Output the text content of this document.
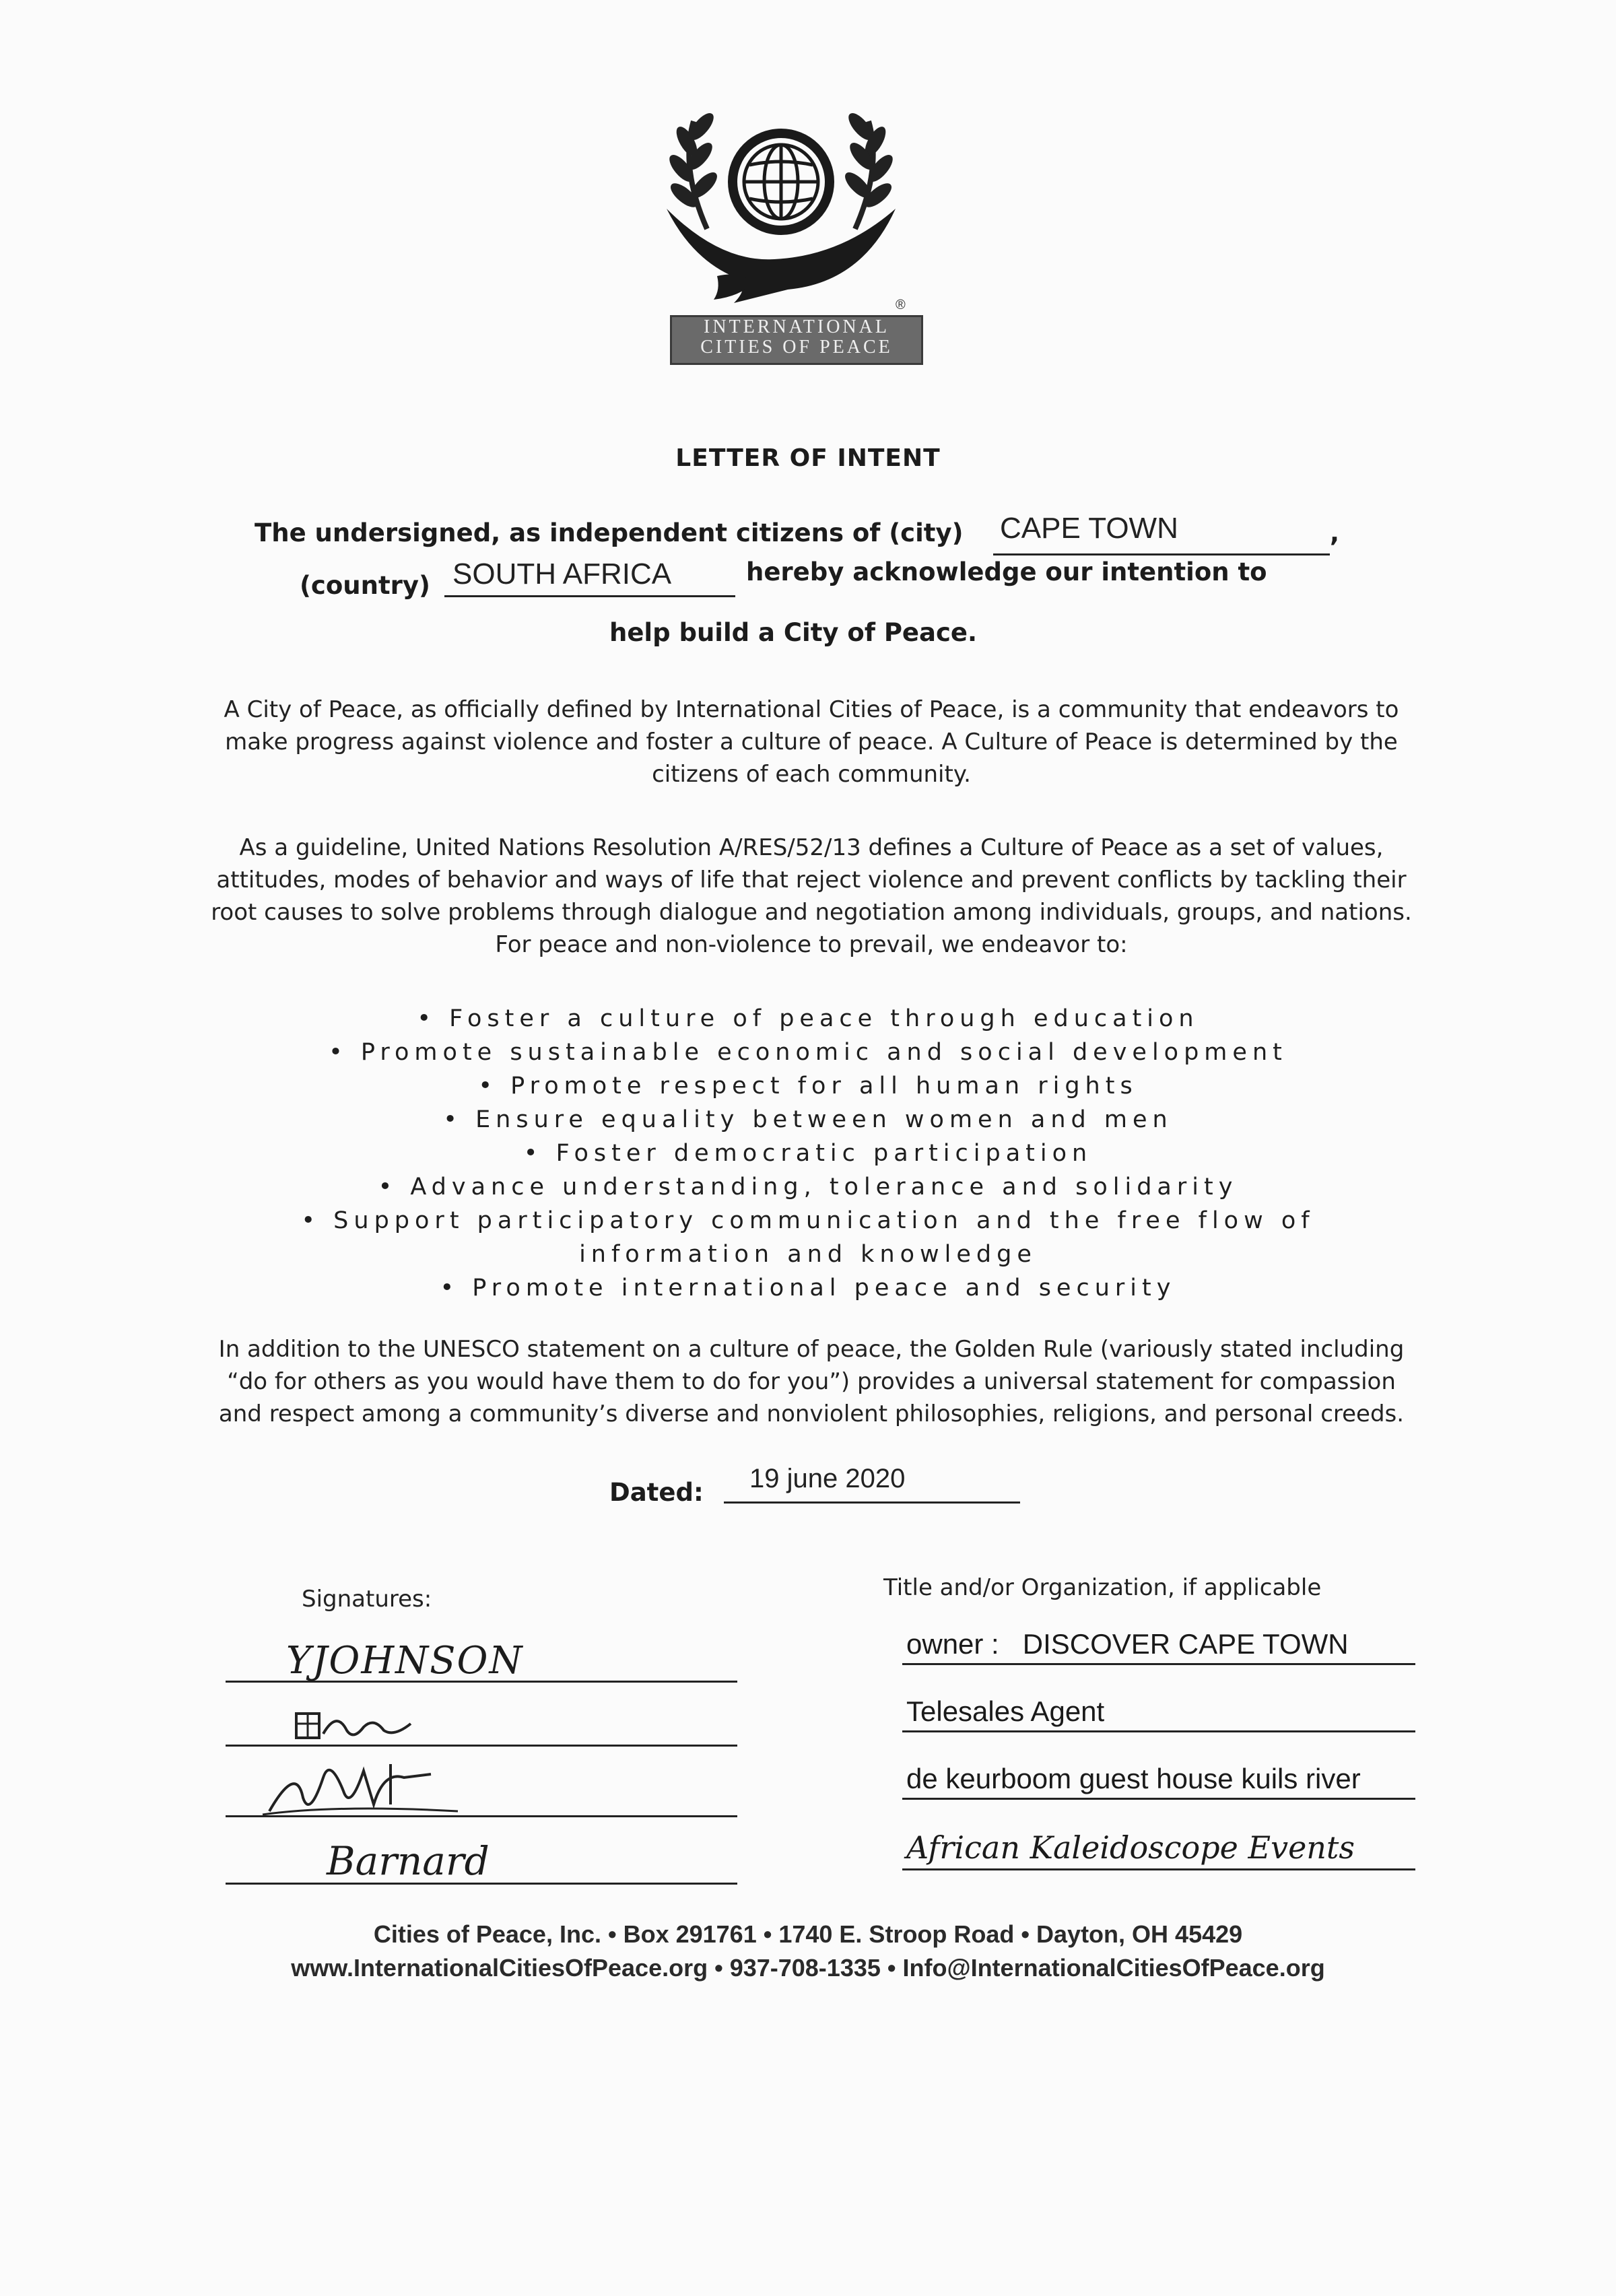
INTERNATIONAL
CITIES OF PEACE
®
LETTER OF INTENT
The undersigned, as independent citizens of (city) CAPE TOWN	,
(country) SOUTH AFRICA	hereby acknowledge our intention to
help build a City of Peace.
A City of Peace, as officially defined by International Cities of Peace, is a community that endeavors to
make progress against violence and foster a culture of peace. A Culture of Peace is determined by the
citizens of each community.
As a guideline, United Nations Resolution A/RES/52/13 defines a Culture of Peace as a set of values,
attitudes, modes of behavior and ways of life that reject violence and prevent conflicts by tackling their
root causes to solve problems through dialogue and negotiation among individuals, groups, and nations.
For peace and non-violence to prevail, we endeavor to:
• Foster a culture of peace through education
• Promote sustainable economic and social development
• Promote respect for all human rights
• Ensure equality between women and men
• Foster democratic participation
• Advance understanding, tolerance and solidarity
• Support participatory communication and the free flow of
information and knowledge
• Promote international peace and security
In addition to the UNESCO statement on a culture of peace, the Golden Rule (variously stated including
“do for others as you would have them to do for you”) provides a universal statement for compassion
and respect among a community’s diverse and nonviolent philosophies, religions, and personal creeds.
Dated: 19 june 2020
Signatures:
YJOHNSON
Barnard
Title and/or Organization, if applicable
owner :   DISCOVER CAPE TOWN
Telesales Agent
de keurboom guest house kuils river
African Kaleidoscope Events
Cities of Peace, Inc. • Box 291761 • 1740 E. Stroop Road • Dayton, OH 45429
www.InternationalCitiesOfPeace.org • 937-708-1335 • Info@InternationalCitiesOfPeace.org
